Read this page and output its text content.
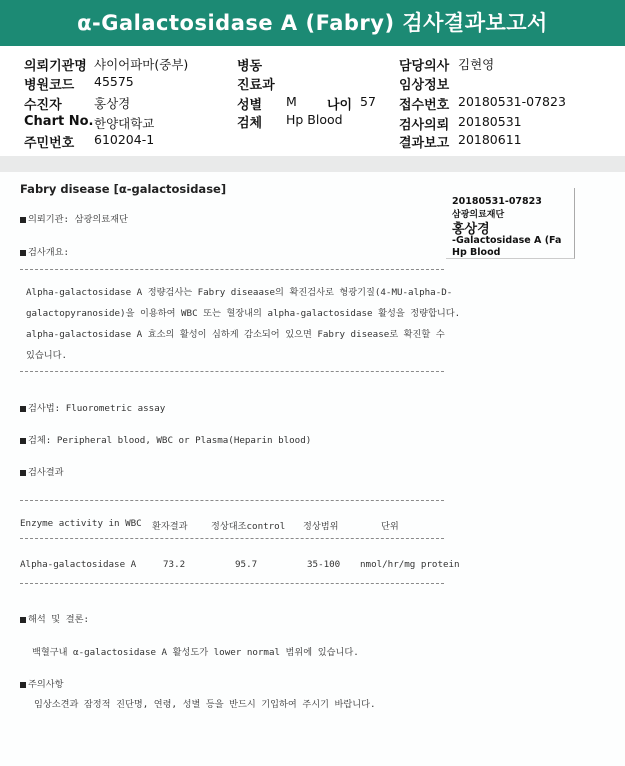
α-Galactosidase A (Fabry) 검사결과보고서
의뢰기관명 샤이어파마(중부)
병원코드 45575
수진자	홍상경
Chart No. 한양대학교
주민번호 610204-1
병동
진료과
성별 M 나이 57
검체 Hp Blood
담당의사 김현영
임상정보
접수번호 20180531-07823
검사의뢰 20180531
결과보고 20180611
Fabry disease [α-galactosidase]
의뢰기관: 삼광의료재단
검사개요:
Alpha-galactosidase A 정량검사는 Fabry diseaase의 확진검사로 형광기질(4-MU-alpha-D-
galactopyranoside)을 이용하여 WBC 또는 혈장내의 alpha-galactosidase 활성을 정량합니다.
alpha-galactosidase A 효소의 활성이 심하게 감소되어 있으면 Fabry disease로 확진할 수
있습니다.
검사법: Fluorometric assay
검체: Peripheral blood, WBC or Plasma(Heparin blood)
검사결과
Enzyme activity in WBC 환자결과	정상대조control 정상범위	단위
Alpha-galactosidase A	73.2	95.7	35-100 nmol/hr/mg protein
해석 및 결론:
백혈구내 α-galactosidase A 활성도가 lower normal 범위에 있습니다.
주의사항
임상소견과 잠정적 진단명, 연령, 성별 등을 반드시 기입하여 주시기 바랍니다.
20180531-07823
삼광의료재단
홍상경
-Galactosidase A (Fa
Hp Blood
